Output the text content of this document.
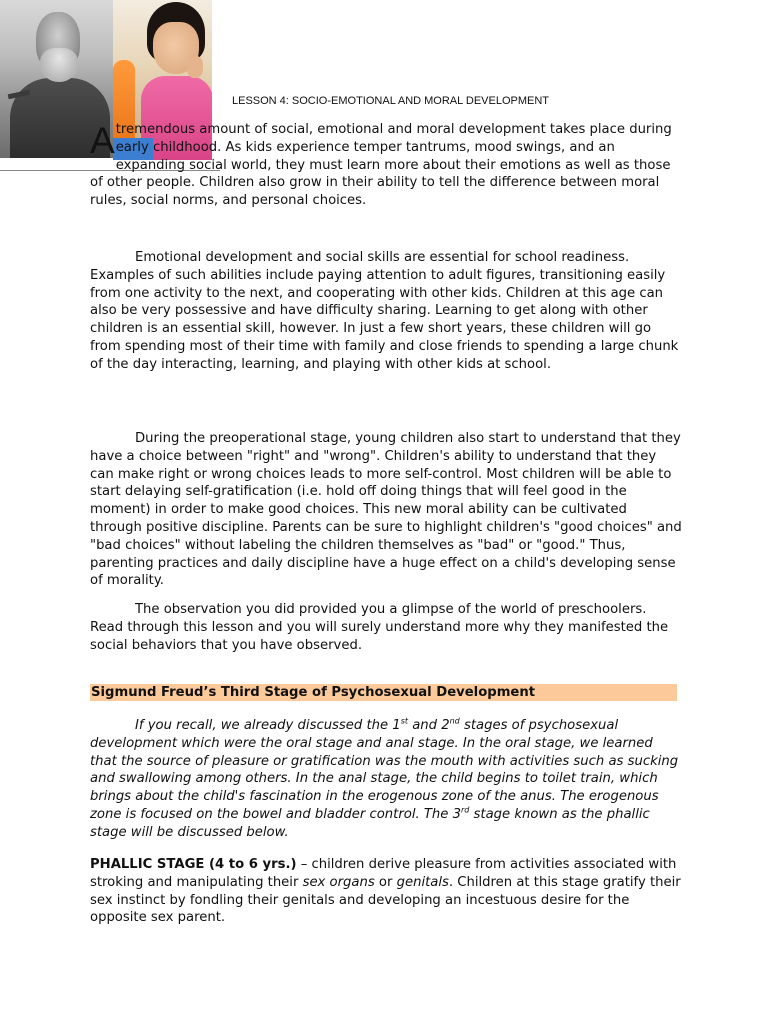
LESSON 4: SOCIO-EMOTIONAL AND MORAL DEVELOPMENT
A tremendous amount of social, emotional and moral development takes place during early childhood. As kids experience temper tantrums, mood swings, and an expanding social world, they must learn more about their emotions as well as those of other people. Children also grow in their ability to tell the difference between moral rules, social norms, and personal choices.

Emotional development and social skills are essential for school readiness. Examples of such abilities include paying attention to adult figures, transitioning easily from one activity to the next, and cooperating with other kids. Children at this age can also be very possessive and have difficulty sharing. Learning to get along with other children is an essential skill, however. In just a few short years, these children will go from spending most of their time with family and close friends to spending a large chunk of the day interacting, learning, and playing with other kids at school.

During the preoperational stage, young children also start to understand that they have a choice between "right" and "wrong". Children's ability to understand that they can make right or wrong choices leads to more self-control. Most children will be able to start delaying self-gratification (i.e. hold off doing things that will feel good in the moment) in order to make good choices. This new moral ability can be cultivated through positive discipline. Parents can be sure to highlight children's "good choices" and "bad choices" without labeling the children themselves as "bad" or "good." Thus, parenting practices and daily discipline have a huge effect on a child's developing sense of morality.

The observation you did provided you a glimpse of the world of preschoolers. Read through this lesson and you will surely understand more why they manifested the social behaviors that you have observed.

Sigmund Freud’s Third Stage of Psychosexual Development

If you recall, we already discussed the 1st and 2nd stages of psychosexual development which were the oral stage and anal stage. In the oral stage, we learned that the source of pleasure or gratification was the mouth with activities such as sucking and swallowing among others. In the anal stage, the child begins to toilet train, which brings about the child's fascination in the erogenous zone of the anus. The erogenous zone is focused on the bowel and bladder control. The 3rd stage known as the phallic stage will be discussed below.

PHALLIC STAGE (4 to 6 yrs.) – children derive pleasure from activities associated with stroking and manipulating their sex organs or genitals. Children at this stage gratify their sex instinct by fondling their genitals and developing an incestuous desire for the opposite sex parent.
